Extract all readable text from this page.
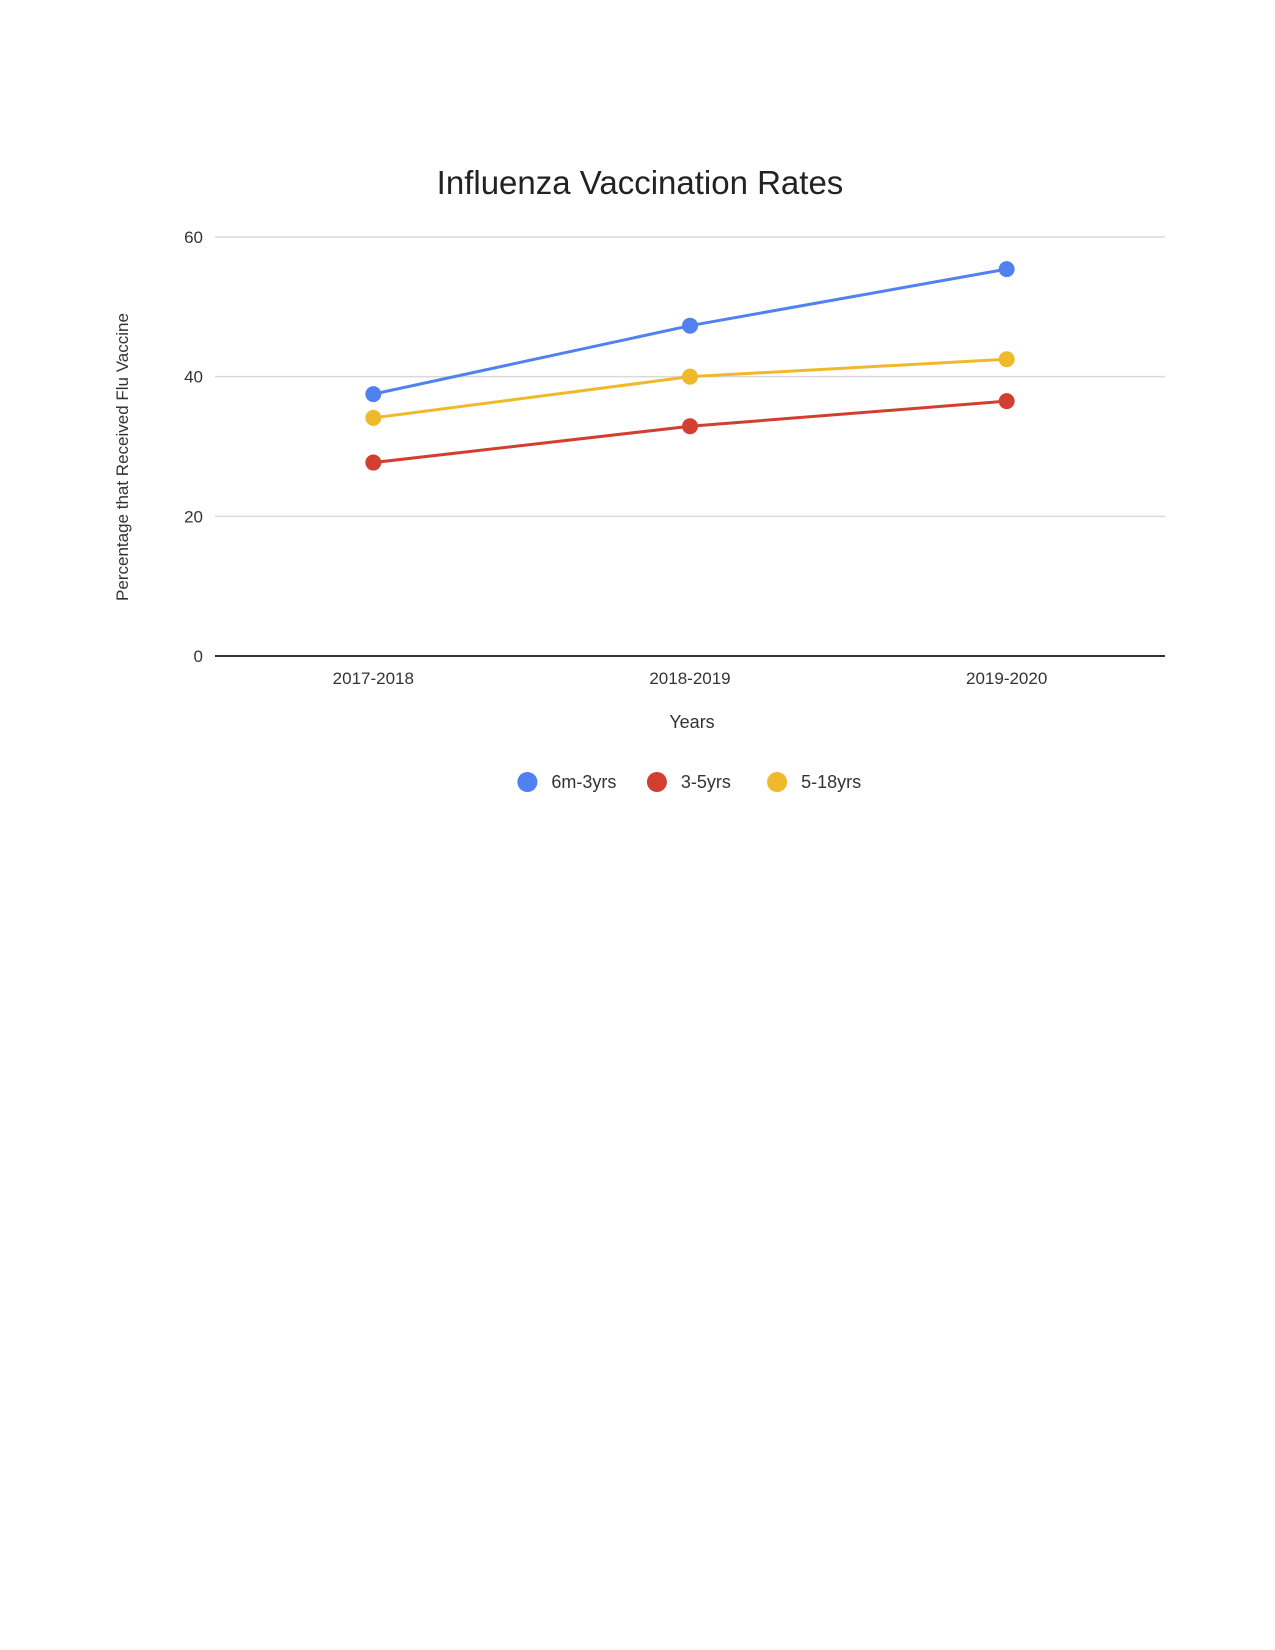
Influenza Vaccination Rates
Percentage that Received Flu Vaccine
Years
0
20
40
60
2017-2018	2018-2019	2019-2020
6m-3yrs	3-5yrs	5-18yrs
